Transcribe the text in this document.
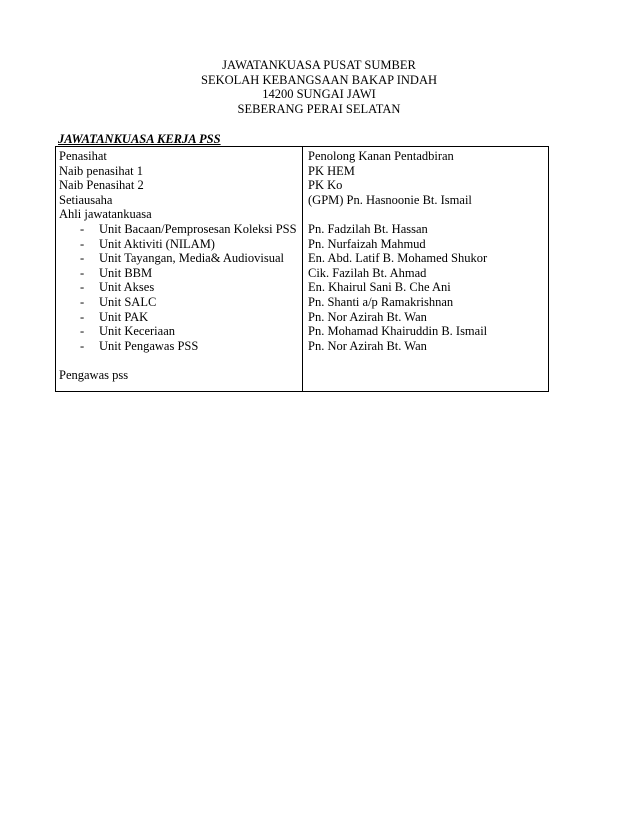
JAWATANKUASA PUSAT SUMBER
SEKOLAH KEBANGSAAN BAKAP INDAH
14200 SUNGAI JAWI
SEBERANG PERAI SELATAN
JAWATANKUASA KERJA PSS
Penasihat
Naib penasihat 1
Naib Penasihat 2
Setiausaha
Ahli jawatankuasa
- Unit Bacaan/Pemprosesan Koleksi PSS
- Unit Aktiviti (NILAM)
- Unit Tayangan, Media& Audiovisual
- Unit BBM
- Unit Akses
- Unit SALC
- Unit PAK
- Unit Keceriaan
- Unit Pengawas PSS
Pengawas pss
Penolong Kanan Pentadbiran
PK HEM
PK Ko
(GPM) Pn. Hasnoonie Bt. Ismail
Pn. Fadzilah Bt. Hassan
Pn. Nurfaizah Mahmud
En. Abd. Latif B. Mohamed Shukor
Cik. Fazilah Bt. Ahmad
En. Khairul Sani B. Che Ani
Pn. Shanti a/p Ramakrishnan
Pn. Nor Azirah Bt. Wan
Pn. Mohamad Khairuddin B. Ismail
Pn. Nor Azirah Bt. Wan
